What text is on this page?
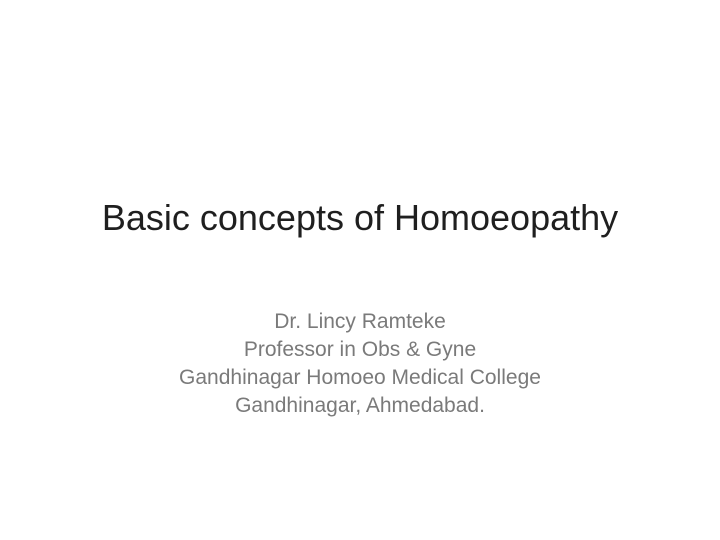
Basic concepts of Homoeopathy
Dr. Lincy Ramteke
Professor in Obs & Gyne
Gandhinagar Homoeo Medical College
Gandhinagar, Ahmedabad.
